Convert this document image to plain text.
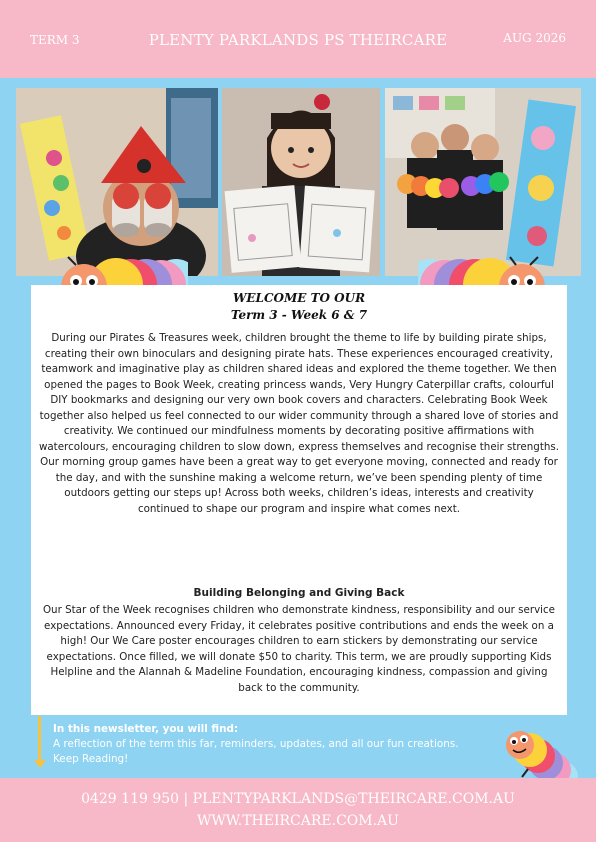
TERM 3	PLENTY PARKLANDS PS THEIRCARE	AUG 2026
WELCOME TO OUR
Term 3 - Week 6 & 7
During our Pirates & Treasures week, children brought the theme to life by building pirate ships, creating their own binoculars and designing pirate hats. These experiences encouraged creativity, teamwork and imaginative play as children shared ideas and explored the theme together. We then opened the pages to Book Week, creating princess wands, Very Hungry Caterpillar crafts, colourful DIY bookmarks and designing our very own book covers and characters. Celebrating Book Week together also helped us feel connected to our wider community through a shared love of stories and creativity. We continued our mindfulness moments by decorating positive affirmations with watercolours, encouraging children to slow down, express themselves and recognise their strengths. Our morning group games have been a great way to get everyone moving, connected and ready for the day, and with the sunshine making a welcome return, we’ve been spending plenty of time outdoors getting our steps up! Across both weeks, children’s ideas, interests and creativity continued to shape our program and inspire what comes next.
Building Belonging and Giving Back
Our Star of the Week recognises children who demonstrate kindness, responsibility and our service expectations. Announced every Friday, it celebrates positive contributions and ends the week on a high! Our We Care poster encourages children to earn stickers by demonstrating our service expectations. Once filled, we will donate $50 to charity. This term, we are proudly supporting Kids Helpline and the Alannah & Madeline Foundation, encouraging kindness, compassion and giving back to the community.
In this newsletter, you will find:
A reflection of the term this far, reminders, updates, and all our fun creations.
Keep Reading!
0429 119 950 | PLENTYPARKLANDS@THEIRCARE.COM.AU
WWW.THEIRCARE.COM.AU
